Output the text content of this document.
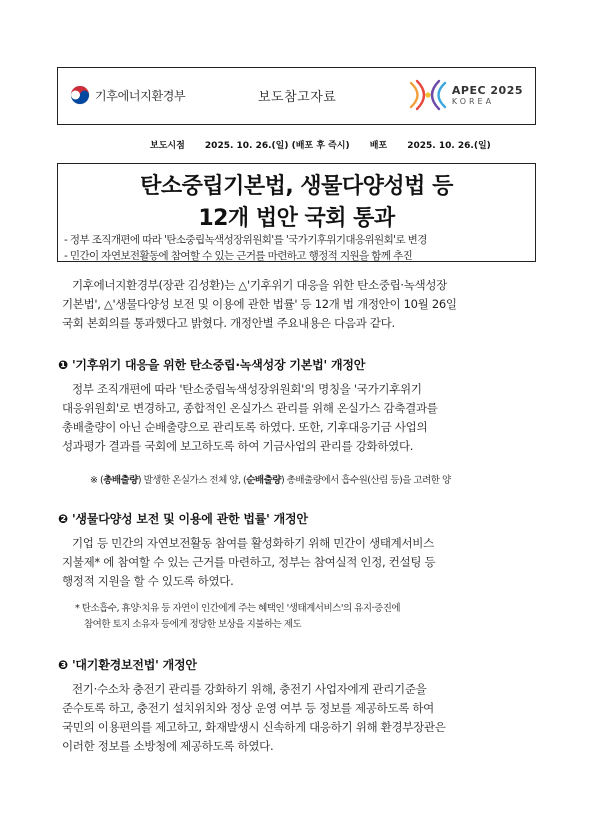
기후에너지환경부	보도참고자료	APEC 2025
KOREA
보도시점 2025. 10. 26.(일) (배포 후 즉시) 배포 2025. 10. 26.(일)
탄소중립기본법, 생물다양성법 등
12개 법안 국회 통과
- 정부 조직개편에 따라 '탄소중립녹색성장위원회'를 '국가기후위기대응위원회'로 변경
- 민간이 자연보전활동에 참여할 수 있는 근거를 마련하고 행정적 지원을 함께 추진
기후에너지환경부(장관 김성환)는 △'기후위기 대응을 위한 탄소중립·녹색성장
기본법', △'생물다양성 보전 및 이용에 관한 법률' 등 12개 법 개정안이 10월 26일
국회 본회의를 통과했다고 밝혔다. 개정안별 주요내용은 다음과 같다.
❶ '기후위기 대응을 위한 탄소중립·녹색성장 기본법' 개정안
정부 조직개편에 따라 '탄소중립녹색성장위원회'의 명칭을 '국가기후위기
대응위원회'로 변경하고, 종합적인 온실가스 관리를 위해 온실가스 감축결과를
총배출량이 아닌 순배출량으로 관리토록 하였다. 또한, 기후대응기금 사업의
성과평가 결과를 국회에 보고하도록 하여 기금사업의 관리를 강화하였다.
※ (총배출량) 발생한 온실가스 전체 양, (순배출량) 총배출량에서 흡수원(산림 등)을 고려한 양
❷ '생물다양성 보전 및 이용에 관한 법률' 개정안
기업 등 민간의 자연보전활동 참여를 활성화하기 위해 민간이 생태계서비스
지불제* 에 참여할 수 있는 근거를 마련하고, 정부는 참여실적 인정, 컨설팅 등
행정적 지원을 할 수 있도록 하였다.
* 탄소흡수, 휴양·치유 등 자연이 인간에게 주는 혜택인 '생태계서비스'의 유지·증진에
참여한 토지 소유자 등에게 정당한 보상을 지불하는 제도
❸ '대기환경보전법' 개정안
전기·수소차 충전기 관리를 강화하기 위해, 충전기 사업자에게 관리기준을
준수토록 하고, 충전기 설치위치와 정상 운영 여부 등 정보를 제공하도록 하여
국민의 이용편의를 제고하고, 화재발생시 신속하게 대응하기 위해 환경부장관은
이러한 정보를 소방청에 제공하도록 하였다.
